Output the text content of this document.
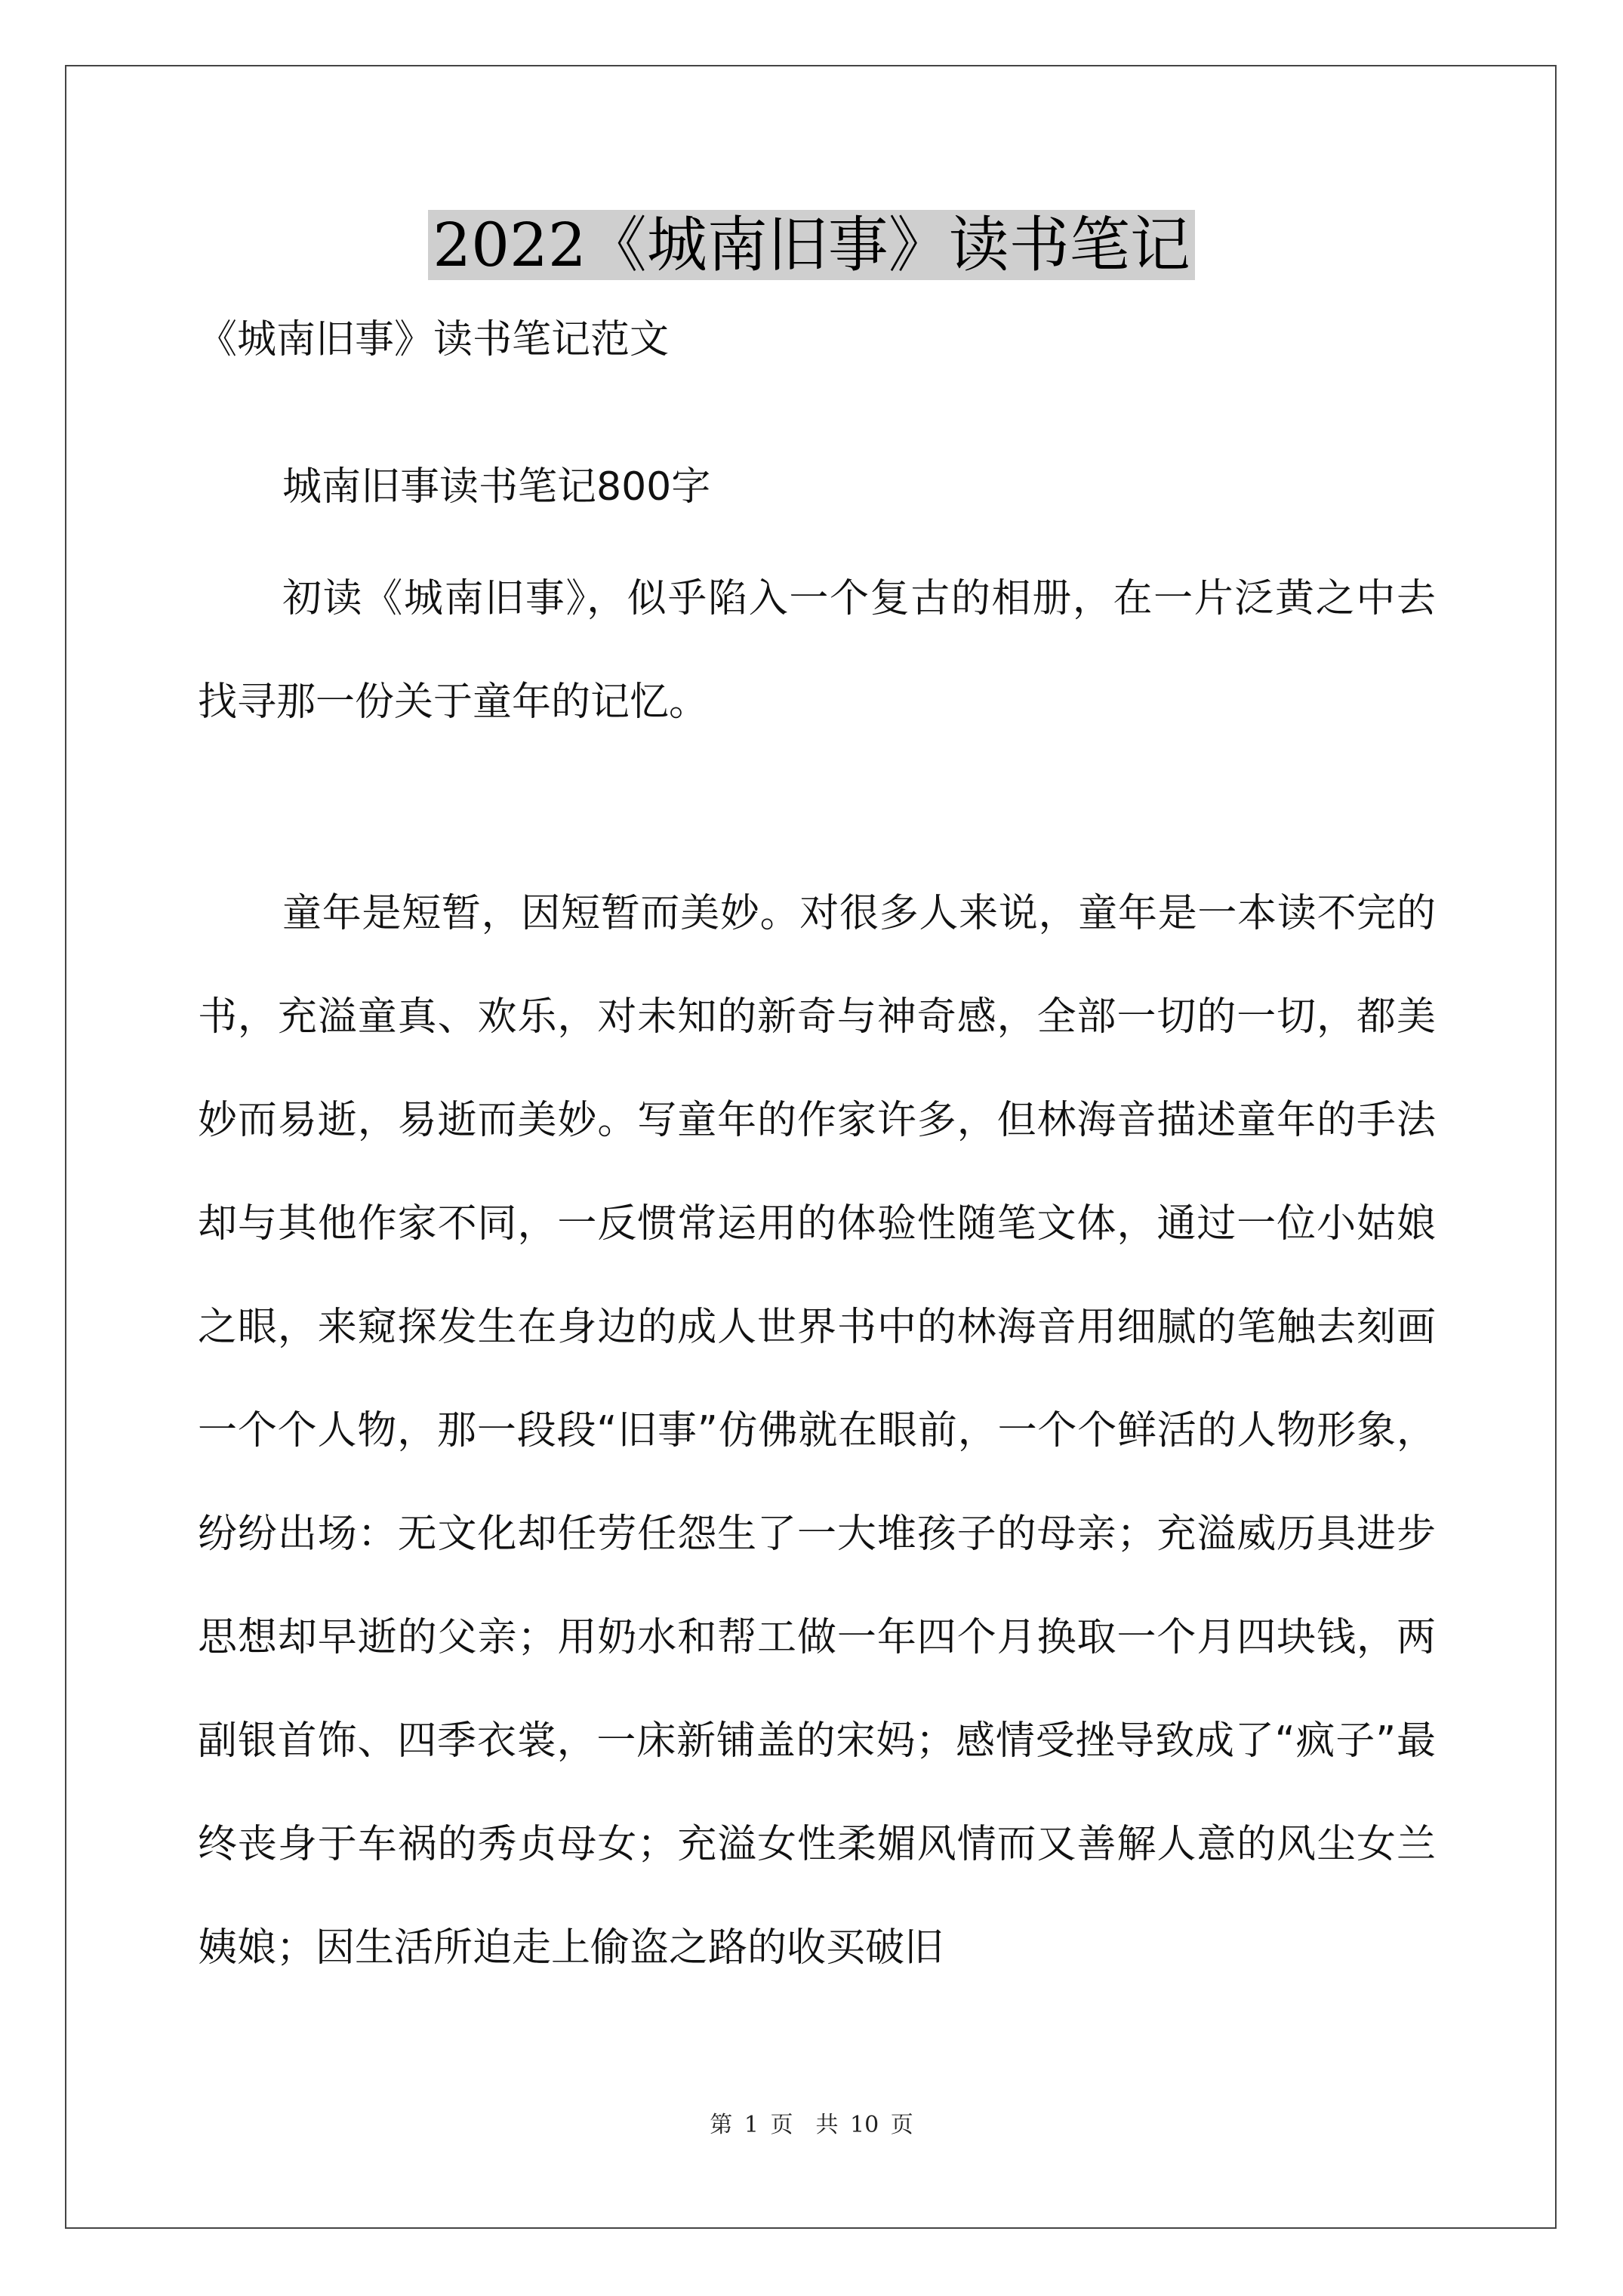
2022《城南旧事》读书笔记

《城南旧事》读书笔记范文

城南旧事读书笔记800字

初读《城南旧事》，似乎陷入一个复古的相册，在一片泛黄之中去找寻那一份关于童年的记忆。

童年是短暂，因短暂而美妙。对很多人来说，童年是一本读不完的书，充溢童真、欢乐，对未知的新奇与神奇感，全部一切的一切，都美妙而易逝，易逝而美妙。写童年的作家许多，但林海音描述童年的手法却与其他作家不同，一反惯常运用的体验性随笔文体，通过一位小姑娘之眼，来窥探发生在身边的成人世界书中的林海音用细腻的笔触去刻画一个个人物，那一段段“旧事”仿佛就在眼前，一个个鲜活的人物形象，纷纷出场：无文化却任劳任怨生了一大堆孩子的母亲；充溢威历具进步思想却早逝的父亲；用奶水和帮工做一年四个月换取一个月四块钱，两副银首饰、四季衣裳，一床新铺盖的宋妈；感情受挫导致成了“疯子”最终丧身于车祸的秀贞母女；充溢女性柔媚风情而又善解人意的风尘女兰姨娘；因生活所迫走上偷盗之路的收买破旧

第 1 页　共 10 页
